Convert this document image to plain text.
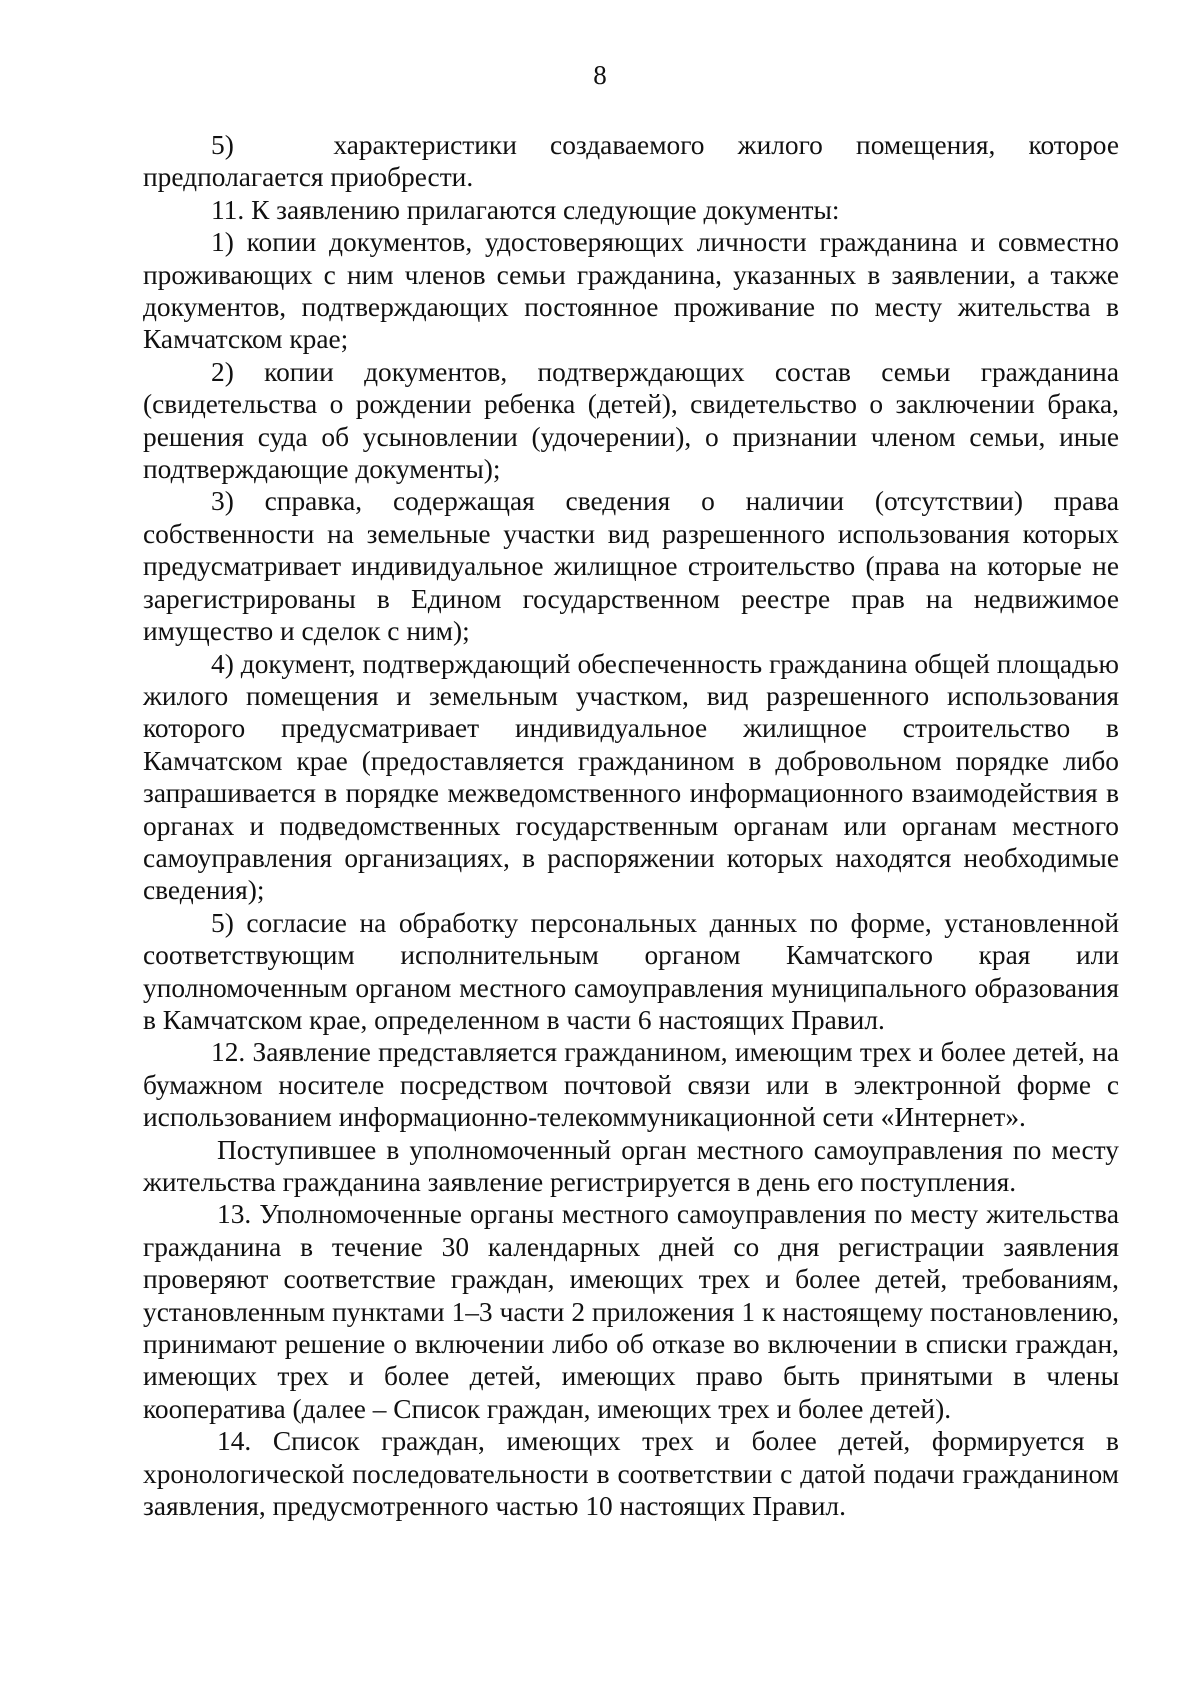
8

5)   характеристики создаваемого жилого помещения, которое предполагается приобрести.

11. К заявлению прилагаются следующие документы:

1) копии документов, удостоверяющих личности гражданина и совместно проживающих с ним членов семьи гражданина, указанных в заявлении, а также документов, подтверждающих постоянное проживание по месту жительства в Камчатском крае;

2) копии документов, подтверждающих состав семьи гражданина (свидетельства о рождении ребенка (детей), свидетельство о заключении брака, решения суда об усыновлении (удочерении), о признании членом семьи, иные подтверждающие документы);

3) справка, содержащая сведения о наличии (отсутствии) права собственности на земельные участки вид разрешенного использования которых предусматривает индивидуальное жилищное строительство (права на которые не зарегистрированы в Едином государственном реестре прав на недвижимое имущество и сделок с ним);

4) документ, подтверждающий обеспеченность гражданина общей площадью жилого помещения и земельным участком, вид разрешенного использования которого предусматривает индивидуальное жилищное строительство в Камчатском крае (предоставляется гражданином в добровольном порядке либо запрашивается в порядке межведомственного информационного взаимодействия в органах и подведомственных государственным органам или органам местного самоуправления организациях, в распоряжении которых находятся необходимые сведения);

5) согласие на обработку персональных данных по форме, установленной соответствующим исполнительным органом Камчатского края или уполномоченным органом местного самоуправления муниципального образования в Камчатском крае, определенном в части 6 настоящих Правил.

12. Заявление представляется гражданином, имеющим трех и более детей, на бумажном носителе посредством почтовой связи или в электронной форме с использованием информационно-телекоммуникационной сети «Интернет».

Поступившее в уполномоченный орган местного самоуправления по месту жительства гражданина заявление регистрируется в день его поступления.

13. Уполномоченные органы местного самоуправления по месту жительства гражданина в течение 30 календарных дней со дня регистрации заявления проверяют соответствие граждан, имеющих трех и более детей, требованиям, установленным пунктами 1–3 части 2 приложения 1 к настоящему постановлению, принимают решение о включении либо об отказе во включении в списки граждан, имеющих трех и более детей, имеющих право быть принятыми в члены кооператива (далее – Список граждан, имеющих трех и более детей).

14. Список граждан, имеющих трех и более детей, формируется в хронологической последовательности в соответствии с датой подачи гражданином заявления, предусмотренного частью 10 настоящих Правил.
